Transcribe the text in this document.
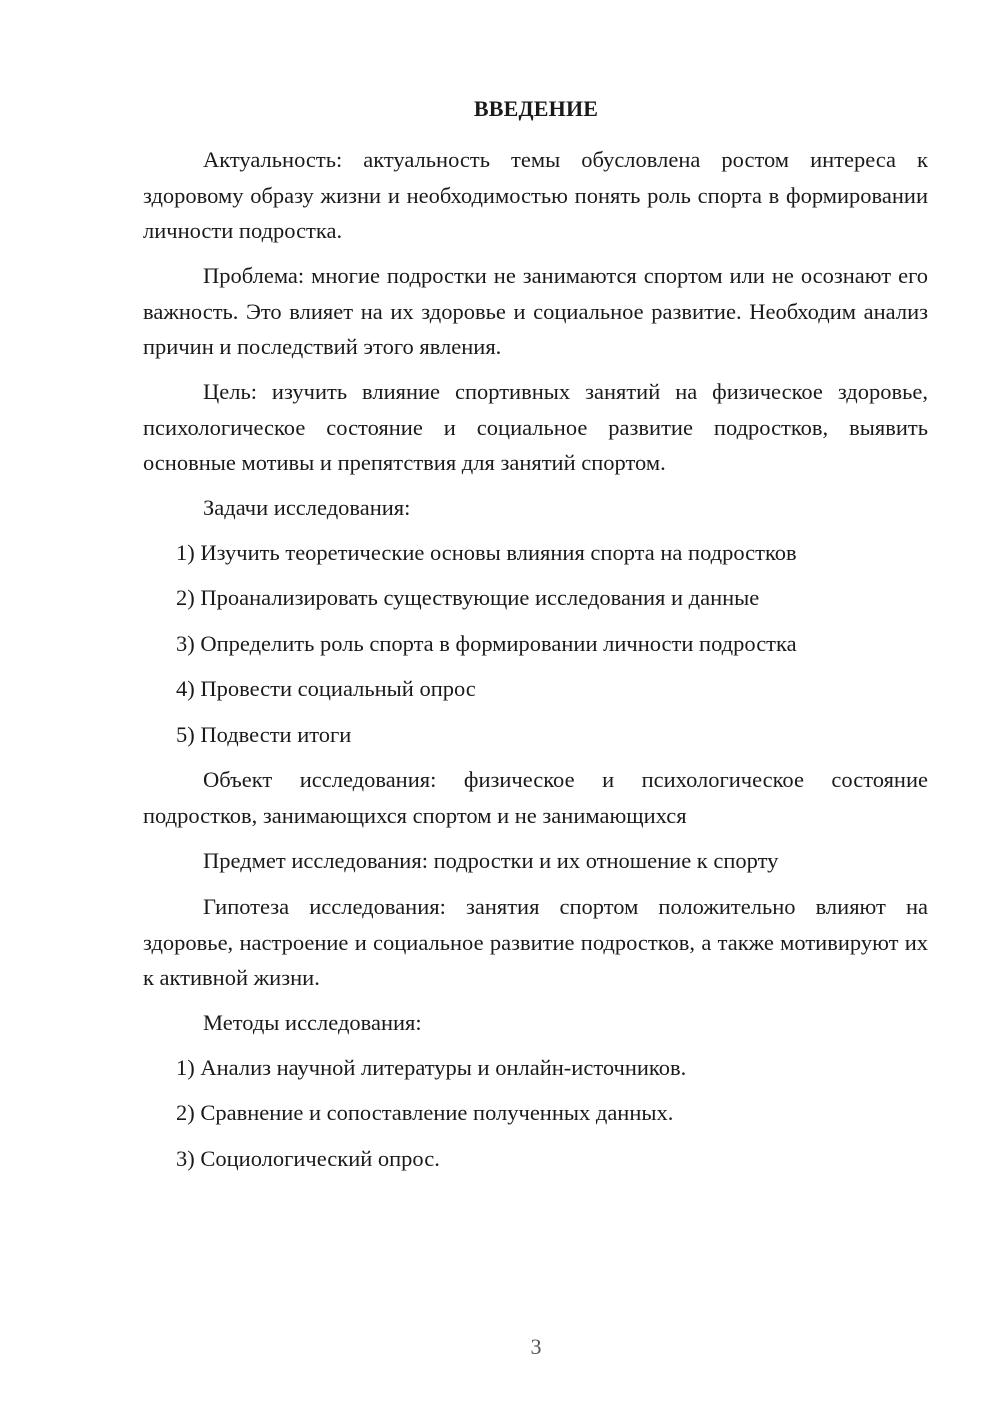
ВВЕДЕНИЕ

Актуальность: актуальность темы обусловлена ростом интереса к здоровому образу жизни и необходимостью понять роль спорта в формировании личности подростка.

Проблема: многие подростки не занимаются спортом или не осознают его важность. Это влияет на их здоровье и социальное развитие. Необходим анализ причин и последствий этого явления.

Цель: изучить влияние спортивных занятий на физическое здоровье, психологическое состояние и социальное развитие подростков, выявить основные мотивы и препятствия для занятий спортом.

Задачи исследования:

1) Изучить теоретические основы влияния спорта на подростков

2) Проанализировать существующие исследования и данные

3) Определить роль спорта в формировании личности подростка

4) Провести социальный опрос

5) Подвести итоги

Объект исследования: физическое и психологическое состояние подростков, занимающихся спортом и не занимающихся

Предмет исследования: подростки и их отношение к спорту

Гипотеза исследования: занятия спортом положительно влияют на здоровье, настроение и социальное развитие подростков, а также мотивируют их к активной жизни.

Методы исследования:

1) Анализ научной литературы и онлайн-источников.

2) Сравнение и сопоставление полученных данных.

3) Социологический опрос.

3
